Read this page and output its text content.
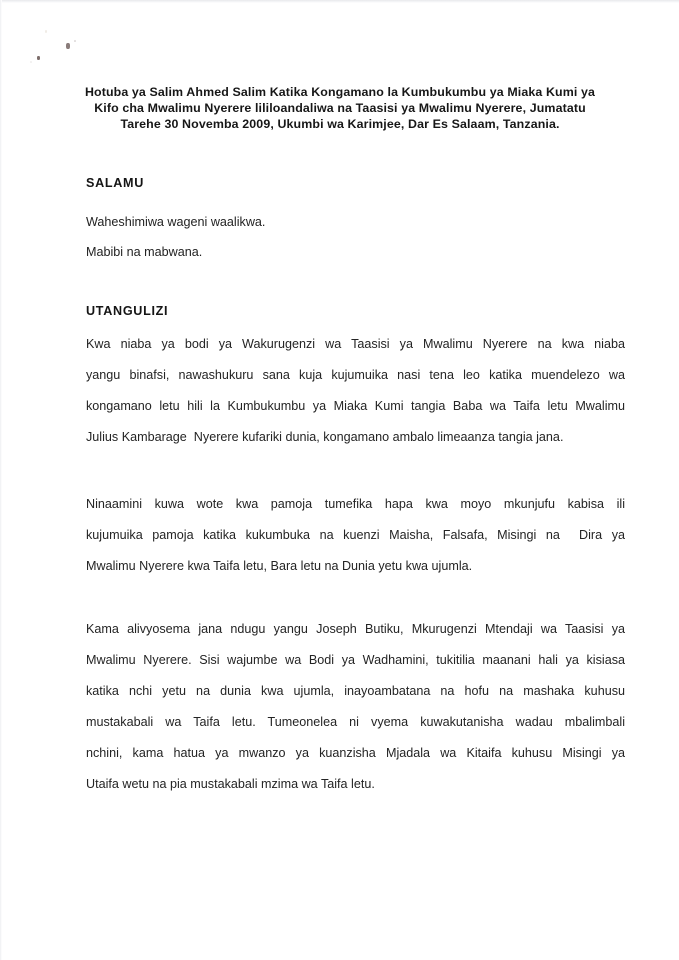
Hotuba ya Salim Ahmed Salim Katika Kongamano la Kumbukumbu ya Miaka Kumi ya Kifo cha Mwalimu Nyerere lililoandaliwa na Taasisi ya Mwalimu Nyerere, Jumatatu Tarehe 30 Novemba 2009, Ukumbi wa Karimjee, Dar Es Salaam, Tanzania.
SALAMU
Waheshimiwa wageni waalikwa.
Mabibi na mabwana.
UTANGULIZI
Kwa niaba ya bodi ya Wakurugenzi wa Taasisi ya Mwalimu Nyerere na kwa niaba
yangu binafsi, nawashukuru sana kuja kujumuika nasi tena leo katika muendelezo wa
kongamano letu hili la Kumbukumbu ya Miaka Kumi tangia Baba wa Taifa letu Mwalimu
Julius Kambarage  Nyerere kufariki dunia, kongamano ambalo limeaanza tangia jana.
Ninaamini kuwa wote kwa pamoja tumefika hapa kwa moyo mkunjufu kabisa ili
kujumuika pamoja katika kukumbuka na kuenzi Maisha, Falsafa, Misingi na  Dira ya
Mwalimu Nyerere kwa Taifa letu, Bara letu na Dunia yetu kwa ujumla.
Kama alivyosema jana ndugu yangu Joseph Butiku, Mkurugenzi Mtendaji wa Taasisi ya
Mwalimu Nyerere. Sisi wajumbe wa Bodi ya Wadhamini, tukitilia maanani hali ya kisiasa
katika nchi yetu na dunia kwa ujumla, inayoambatana na hofu na mashaka kuhusu
mustakabali wa Taifa letu. Tumeonelea ni vyema kuwakutanisha wadau mbalimbali
nchini, kama hatua ya mwanzo ya kuanzisha Mjadala wa Kitaifa kuhusu Misingi ya
Utaifa wetu na pia mustakabali mzima wa Taifa letu.
